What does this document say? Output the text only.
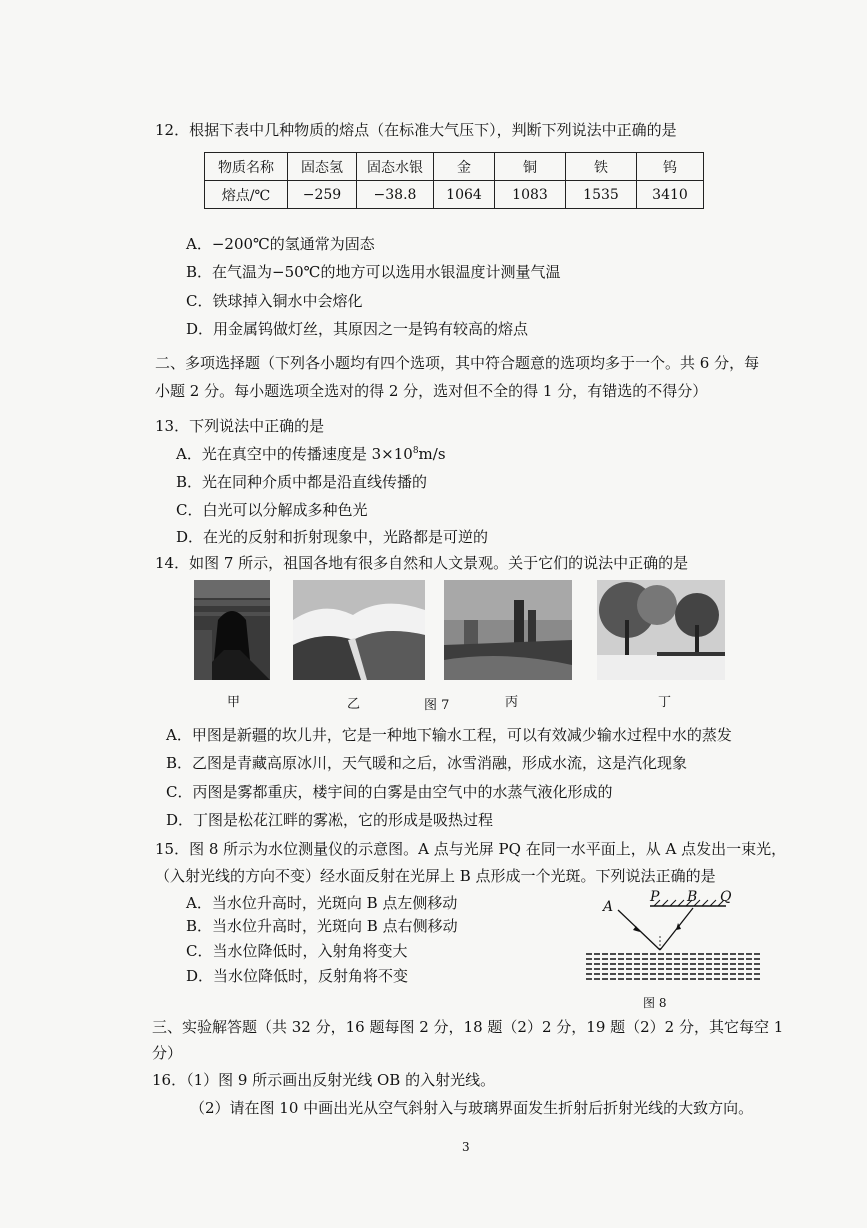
12．根据下表中几种物质的熔点（在标准大气压下），判断下列说法中正确的是
物质名称	固态氢	固态水银	金	铜	铁	钨
熔点/℃	−259	−38.8	1064	1083	1535	3410
A．−200℃的氢通常为固态
B．在气温为−50℃的地方可以选用水银温度计测量气温
C．铁球掉入铜水中会熔化
D．用金属钨做灯丝，其原因之一是钨有较高的熔点
二、多项选择题（下列各小题均有四个选项，其中符合题意的选项均多于一个。共 6 分，每
小题 2 分。每小题选项全选对的得 2 分，选对但不全的得 1 分，有错选的不得分）
13．下列说法中正确的是
A．光在真空中的传播速度是 $3\times 10^8m/s$
B．光在同种介质中都是沿直线传播的
C．白光可以分解成多种色光
D．在光的反射和折射现象中，光路都是可逆的
14．如图 7 所示，祖国各地有很多自然和人文景观。关于它们的说法中正确的是
甲	乙	图 7	丙	丁
A．甲图是新疆的坎儿井，它是一种地下输水工程，可以有效减少输水过程中水的蒸发
B．乙图是青藏高原冰川，天气暖和之后，冰雪消融，形成水流，这是汽化现象
C．丙图是雾都重庆，楼宇间的白雾是由空气中的水蒸气液化形成的
D．丁图是松花江畔的雾凇，它的形成是吸热过程
15．图 8 所示为水位测量仪的示意图。A 点与光屏 PQ 在同一水平面上，从 A 点发出一束光，
（入射光线的方向不变）经水面反射在光屏上 B 点形成一个光斑。下列说法正确的是
A．当水位升高时，光斑向 B 点左侧移动
B．当水位升高时，光斑向 B 点右侧移动
C．当水位降低时，入射角将变大
D．当水位降低时，反射角将不变
A
P B Q
图 8
三、实验解答题（共 32 分，16 题每图 2 分，18 题（2）2 分，19 题（2）2 分，其它每空 1
分）
16．（1）图 9 所示画出反射光线 OB 的入射光线。
（2）请在图 10 中画出光从空气斜射入与玻璃界面发生折射后折射光线的大致方向。
3
